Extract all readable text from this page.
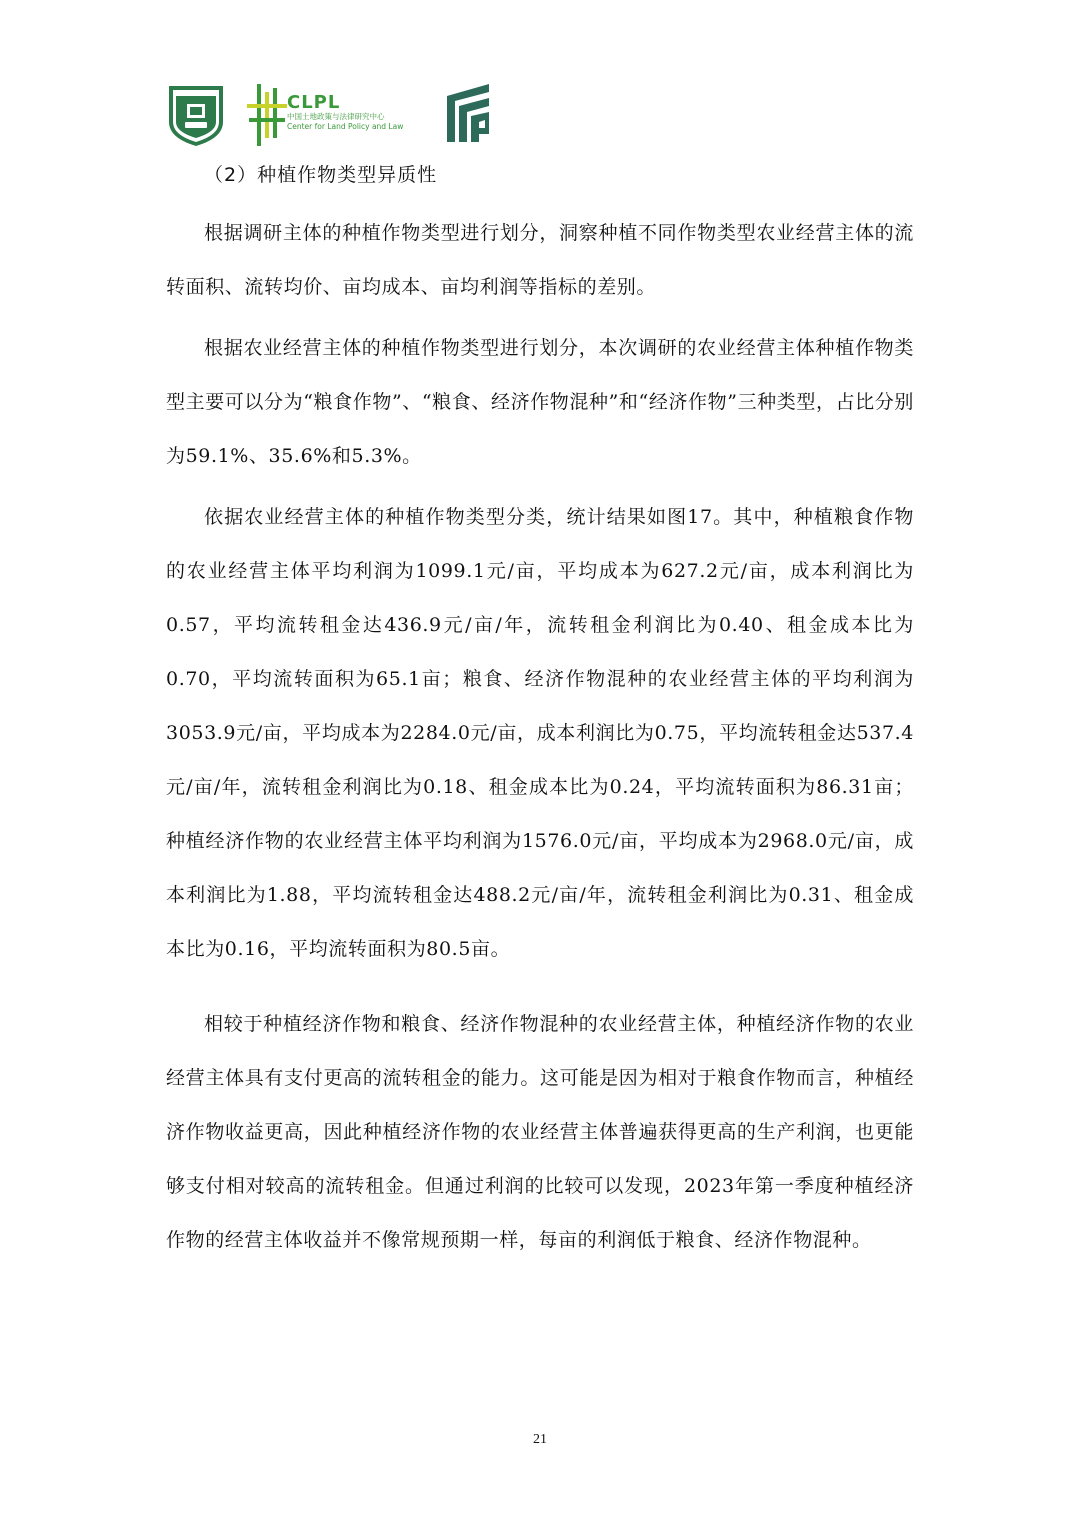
CLPL
中国土地政策与法律研究中心
Center for Land Policy and Law
（2）种植作物类型异质性

根据调研主体的种植作物类型进行划分，洞察种植不同作物类型农业经营主体的流转面积、流转均价、亩均成本、亩均利润等指标的差别。

根据农业经营主体的种植作物类型进行划分，本次调研的农业经营主体种植作物类型主要可以分为“粮食作物”、“粮食、经济作物混种”和“经济作物”三种类型，占比分别为59.1%、35.6%和5.3%。

依据农业经营主体的种植作物类型分类，统计结果如图17。其中，种植粮食作物的农业经营主体平均利润为1099.1元/亩，平均成本为627.2元/亩，成本利润比为0.57，平均流转租金达436.9元/亩/年，流转租金利润比为0.40、租金成本比为0.70，平均流转面积为65.1亩；粮食、经济作物混种的农业经营主体的平均利润为3053.9元/亩，平均成本为2284.0元/亩，成本利润比为0.75，平均流转租金达537.4元/亩/年，流转租金利润比为0.18、租金成本比为0.24，平均流转面积为86.31亩；种植经济作物的农业经营主体平均利润为1576.0元/亩，平均成本为2968.0元/亩，成本利润比为1.88，平均流转租金达488.2元/亩/年，流转租金利润比为0.31、租金成本比为0.16，平均流转面积为80.5亩。

相较于种植经济作物和粮食、经济作物混种的农业经营主体，种植经济作物的农业经营主体具有支付更高的流转租金的能力。这可能是因为相对于粮食作物而言，种植经济作物收益更高，因此种植经济作物的农业经营主体普遍获得更高的生产利润，也更能够支付相对较高的流转租金。但通过利润的比较可以发现，2023年第一季度种植经济作物的经营主体收益并不像常规预期一样，每亩的利润低于粮食、经济作物混种。

21
